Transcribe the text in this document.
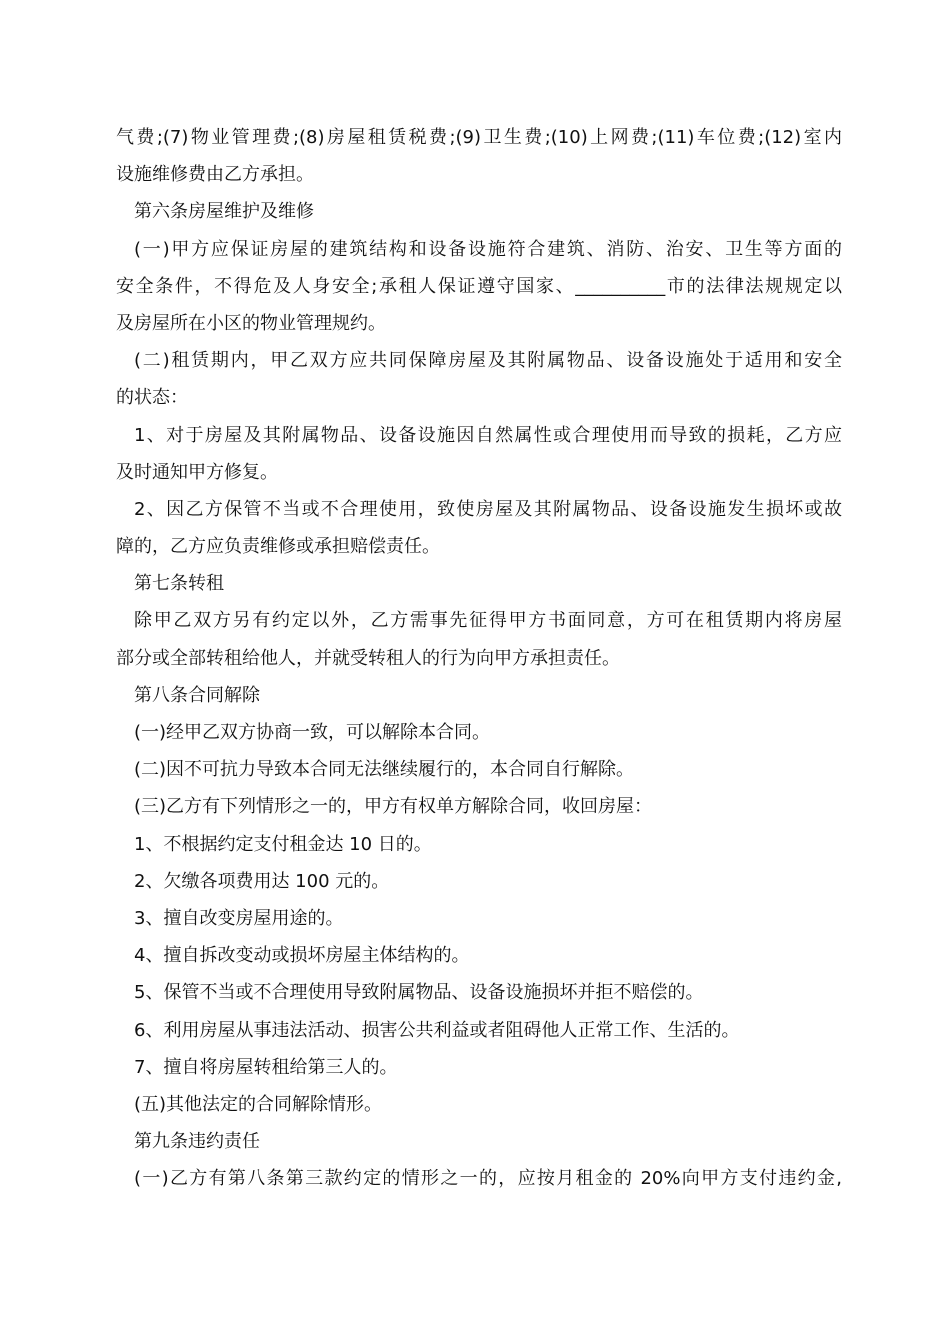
气费;(7)物业管理费;(8)房屋租赁税费;(9)卫生费;(10)上网费;(11)车位费;(12)室内
设施维修费由乙方承担。
第六条房屋维护及维修
(一)甲方应保证房屋的建筑结构和设备设施符合建筑、消防、治安、卫生等方面的
安全条件，不得危及人身安全;承租人保证遵守国家、__________市的法律法规规定以
及房屋所在小区的物业管理规约。
(二)租赁期内，甲乙双方应共同保障房屋及其附属物品、设备设施处于适用和安全
的状态：
1、对于房屋及其附属物品、设备设施因自然属性或合理使用而导致的损耗，乙方应
及时通知甲方修复。
2、因乙方保管不当或不合理使用，致使房屋及其附属物品、设备设施发生损坏或故
障的，乙方应负责维修或承担赔偿责任。
第七条转租
除甲乙双方另有约定以外，乙方需事先征得甲方书面同意，方可在租赁期内将房屋
部分或全部转租给他人，并就受转租人的行为向甲方承担责任。
第八条合同解除
(一)经甲乙双方协商一致，可以解除本合同。
(二)因不可抗力导致本合同无法继续履行的，本合同自行解除。
(三)乙方有下列情形之一的，甲方有权单方解除合同，收回房屋：
1、不根据约定支付租金达 10 日的。
2、欠缴各项费用达 100 元的。
3、擅自改变房屋用途的。
4、擅自拆改变动或损坏房屋主体结构的。
5、保管不当或不合理使用导致附属物品、设备设施损坏并拒不赔偿的。
6、利用房屋从事违法活动、损害公共利益或者阻碍他人正常工作、生活的。
7、擅自将房屋转租给第三人的。
(五)其他法定的合同解除情形。
第九条违约责任
(一)乙方有第八条第三款约定的情形之一的，应按月租金的 20%向甲方支付违约金,
